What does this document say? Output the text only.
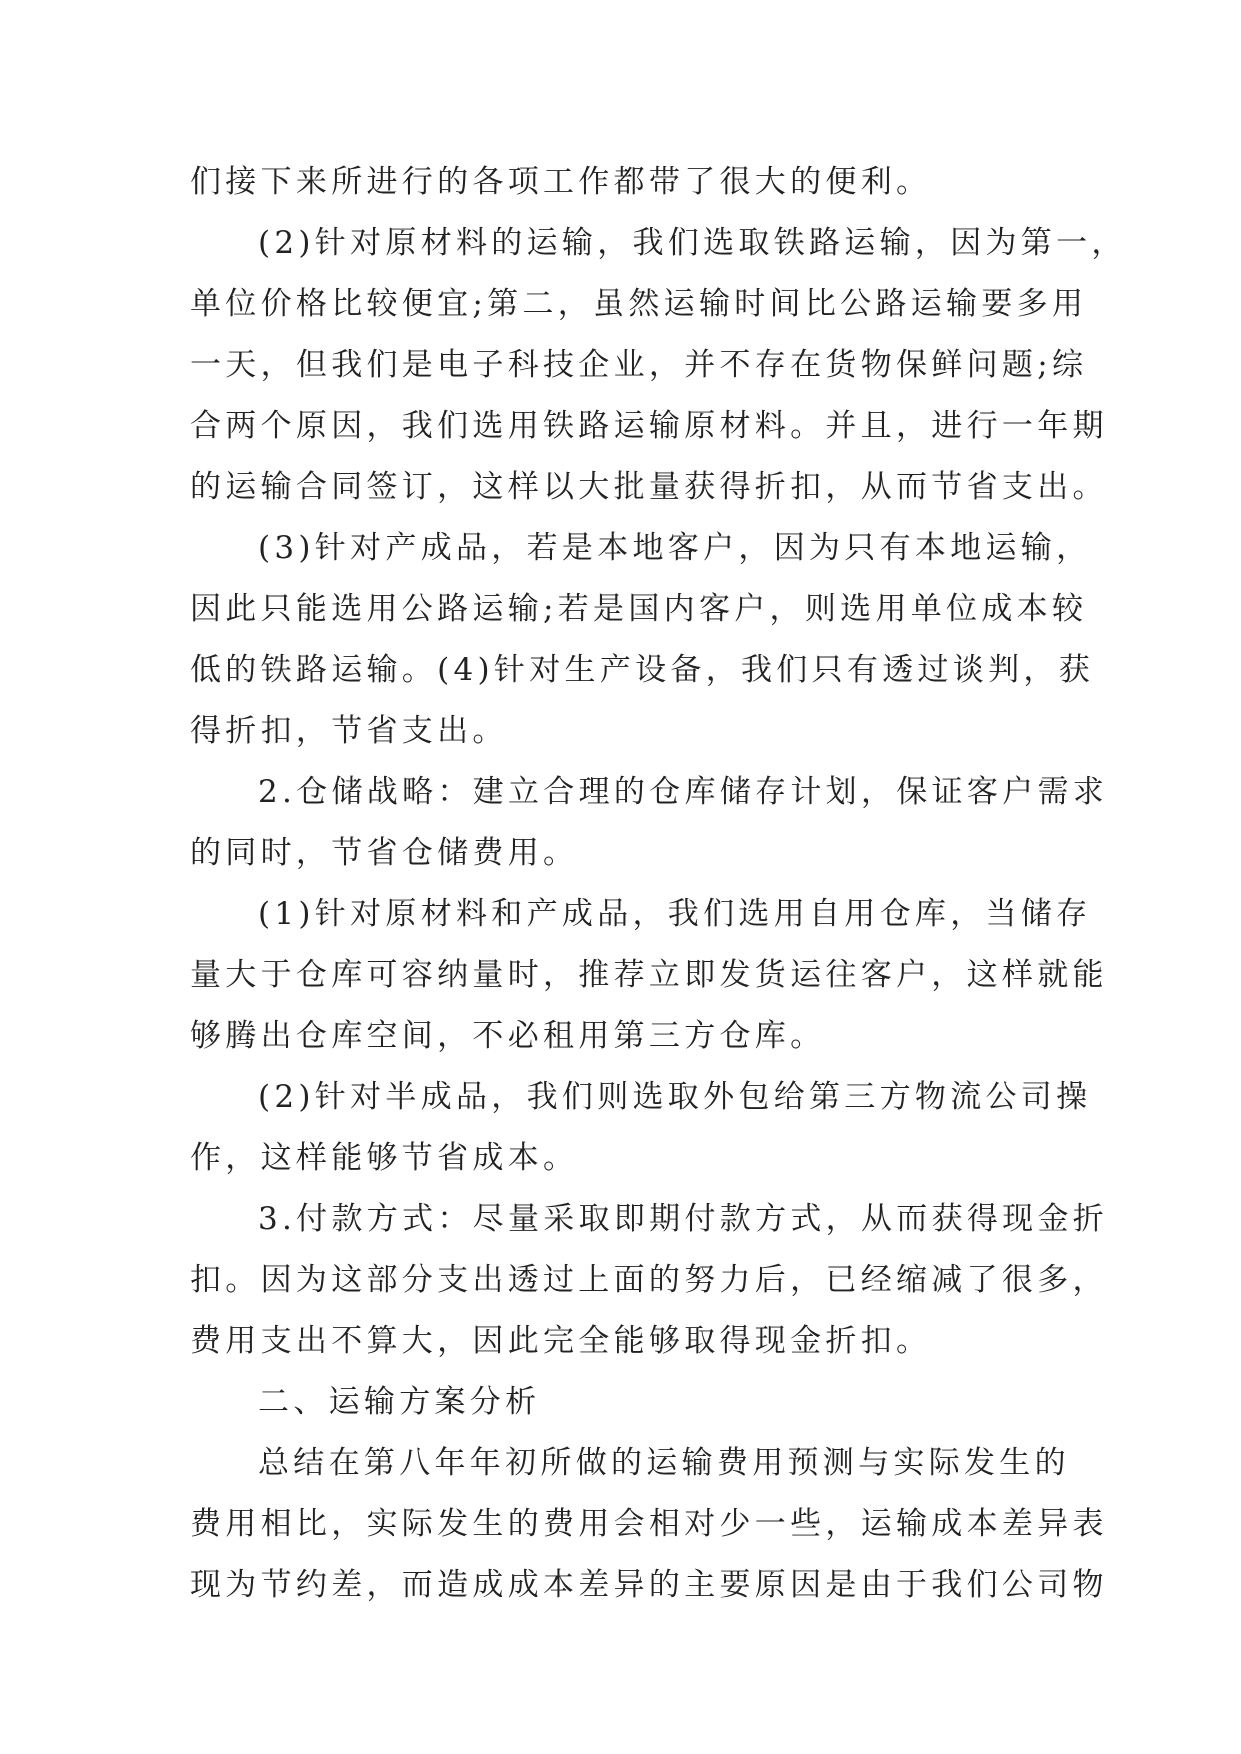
们接下来所进行的各项工作都带了很大的便利。
(2)针对原材料的运输，我们选取铁路运输，因为第一，
单位价格比较便宜;第二，虽然运输时间比公路运输要多用
一天，但我们是电子科技企业，并不存在货物保鲜问题;综
合两个原因，我们选用铁路运输原材料。并且，进行一年期
的运输合同签订，这样以大批量获得折扣，从而节省支出。
(3)针对产成品，若是本地客户，因为只有本地运输，
因此只能选用公路运输;若是国内客户，则选用单位成本较
低的铁路运输。(4)针对生产设备，我们只有透过谈判，获
得折扣，节省支出。
2.仓储战略：建立合理的仓库储存计划，保证客户需求
的同时，节省仓储费用。
(1)针对原材料和产成品，我们选用自用仓库，当储存
量大于仓库可容纳量时，推荐立即发货运往客户，这样就能
够腾出仓库空间，不必租用第三方仓库。
(2)针对半成品，我们则选取外包给第三方物流公司操
作，这样能够节省成本。
3.付款方式：尽量采取即期付款方式，从而获得现金折
扣。因为这部分支出透过上面的努力后，已经缩减了很多，
费用支出不算大，因此完全能够取得现金折扣。
二、运输方案分析
总结在第八年年初所做的运输费用预测与实际发生的
费用相比，实际发生的费用会相对少一些，运输成本差异表
现为节约差，而造成成本差异的主要原因是由于我们公司物
